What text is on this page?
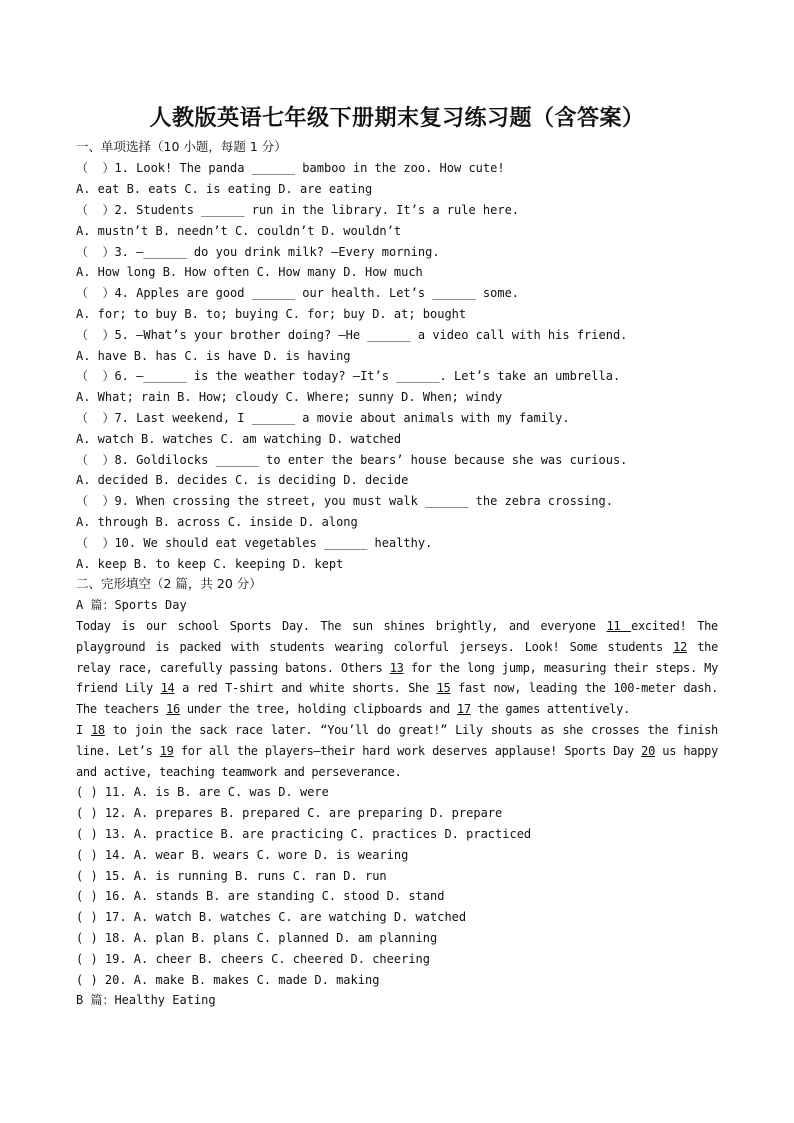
人教版英语七年级下册期末复习练习题（含答案）
一、单项选择（10 小题，每题 1 分）
（  ）1. Look! The panda ______ bamboo in the zoo. How cute!
A. eat B. eats C. is eating D. are eating
（  ）2. Students ______ run in the library. It’s a rule here.
A. mustn’t B. needn’t C. couldn’t D. wouldn’t
（  ）3. —______ do you drink milk? —Every morning.
A. How long B. How often C. How many D. How much
（  ）4. Apples are good ______ our health. Let’s ______ some.
A. for; to buy B. to; buying C. for; buy D. at; bought
（  ）5. —What’s your brother doing? —He ______ a video call with his friend.
A. have B. has C. is have D. is having
（  ）6. —______ is the weather today? —It’s ______. Let’s take an umbrella.
A. What; rain B. How; cloudy C. Where; sunny D. When; windy
（  ）7. Last weekend, I ______ a movie about animals with my family.
A. watch B. watches C. am watching D. watched
（  ）8. Goldilocks ______ to enter the bears’ house because she was curious.
A. decided B. decides C. is deciding D. decide
（  ）9. When crossing the street, you must walk ______ the zebra crossing.
A. through B. across C. inside D. along
（  ）10. We should eat vegetables ______ healthy.
A. keep B. to keep C. keeping D. kept
二、完形填空（2 篇，共 20 分）
A 篇：Sports Day
Today is our school Sports Day. The sun shines brightly, and everyone 11 excited! The playground is packed with students wearing colorful jerseys. Look! Some students 12 the relay race, carefully passing batons. Others 13 for the long jump, measuring their steps. My friend Lily 14 a red T-shirt and white shorts. She 15 fast now, leading the 100-meter dash. The teachers 16 under the tree, holding clipboards and 17 the games attentively.
I 18 to join the sack race later. “You’ll do great!” Lily shouts as she crosses the finish line. Let’s 19 for all the players—their hard work deserves applause! Sports Day 20 us happy and active, teaching teamwork and perseverance.
( ) 11. A. is B. are C. was D. were
( ) 12. A. prepares B. prepared C. are preparing D. prepare
( ) 13. A. practice B. are practicing C. practices D. practiced
( ) 14. A. wear B. wears C. wore D. is wearing
( ) 15. A. is running B. runs C. ran D. run
( ) 16. A. stands B. are standing C. stood D. stand
( ) 17. A. watch B. watches C. are watching D. watched
( ) 18. A. plan B. plans C. planned D. am planning
( ) 19. A. cheer B. cheers C. cheered D. cheering
( ) 20. A. make B. makes C. made D. making
B 篇：Healthy Eating
